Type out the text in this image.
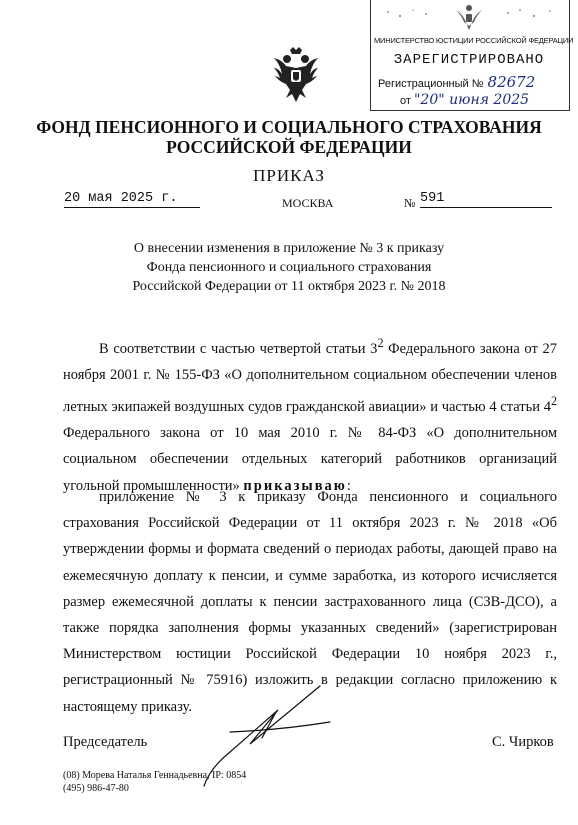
МИНИСТЕРСТВО ЮСТИЦИИ РОССИЙСКОЙ ФЕДЕРАЦИИ
ЗАРЕГИСТРИРОВАНО
Регистрационный № 82672
от "20" июня 2025
ФОНД ПЕНСИОННОГО И СОЦИАЛЬНОГО СТРАХОВАНИЯ
РОССИЙСКОЙ ФЕДЕРАЦИИ
ПРИКАЗ
20 мая 2025 г.	МОСКВА	№ 591
О внесении изменения в приложение № 3 к приказу
Фонда пенсионного и социального страхования
Российской Федерации от 11 октября 2023 г. № 2018
В соответствии с частью четвертой статьи $3^2$ Федерального закона от 27 ноября 2001 г. № 155-ФЗ «О дополнительном социальном обеспечении членов летных экипажей воздушных судов гражданской авиации» и частью 4 статьи $4^2$ Федерального закона от 10 мая 2010 г. № 84-ФЗ «О дополнительном социальном обеспечении отдельных категорий работников организаций угольной промышленности» приказываю:
приложение № 3 к приказу Фонда пенсионного и социального страхования Российской Федерации от 11 октября 2023 г. № 2018 «Об утверждении формы и формата сведений о периодах работы, дающей право на ежемесячную доплату к пенсии, и сумме заработка, из которого исчисляется размер ежемесячной доплаты к пенсии застрахованного лица (СЗВ-ДСО), а также порядка заполнения формы указанных сведений» (зарегистрирован Министерством юстиции Российской Федерации 10 ноября 2023 г., регистрационный № 75916) изложить в редакции согласно приложению к настоящему приказу.
Председатель	С. Чирков
(08) Морева Наталья Геннадьевна, IP: 0854
(495) 986-47-80
